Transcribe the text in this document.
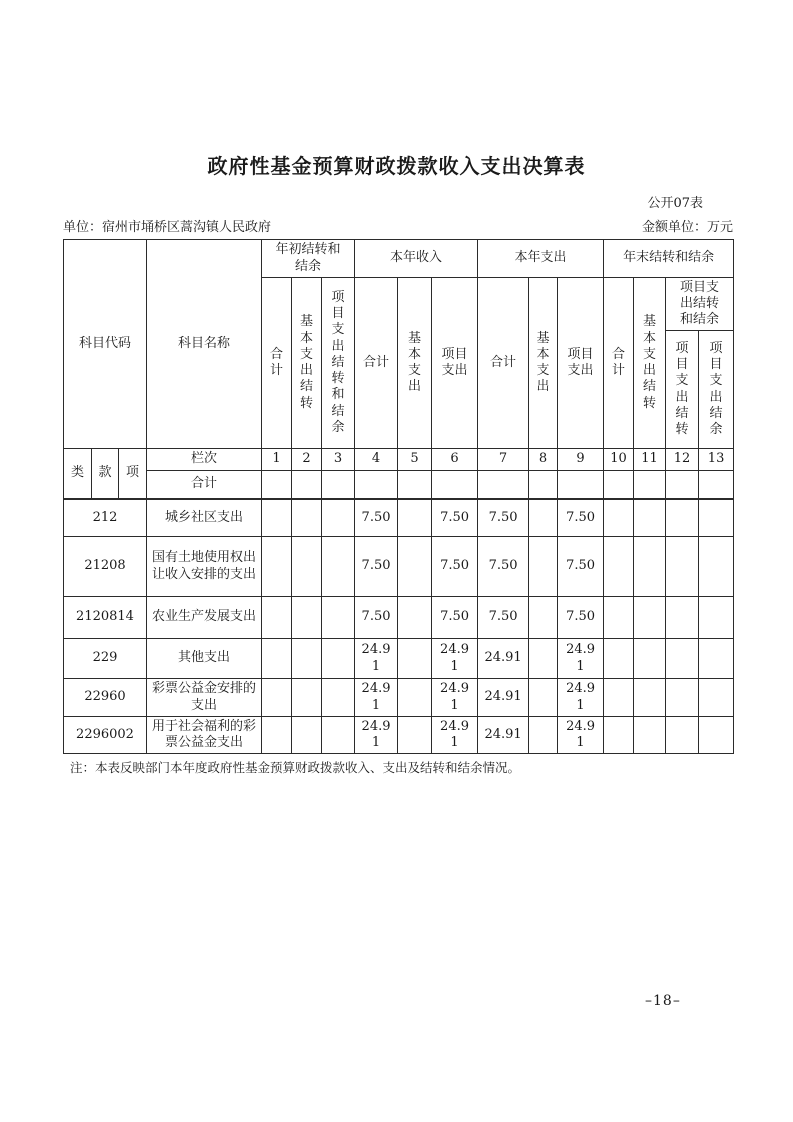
政府性基金预算财政拨款收入支出决算表
公开07表
单位：宿州市埇桥区蒿沟镇人民政府	金额单位：万元
科目代码			科目名称	年初结转和结余			本年收入			本年支出			年末结转和结余			
				合计	基本支出结转	项目支出结转和结余	合计	基本支出	项目支出	合计	基本支出	项目支出	合计	基本支出结转	项目支出结转和结余	
															项目支出结转	项目支出结余
类	款	项	栏次	1	2	3	4	5	6	7	8	9	10	11	12	13
			合计													
212			城乡社区支出				7.50		7.50	7.50		7.50				
21208			国有土地使用权出让收入安排的支出				7.50		7.50	7.50		7.50				
2120814			农业生产发展支出				7.50		7.50	7.50		7.50				
229			其他支出				24.91		24.91	24.91		24.91				
22960			彩票公益金安排的支出				24.91		24.91	24.91		24.91				
2296002			用于社会福利的彩票公益金支出				24.91		24.91	24.91		24.91				
注：本表反映部门本年度政府性基金预算财政拨款收入、支出及结转和结余情况。
–18–
